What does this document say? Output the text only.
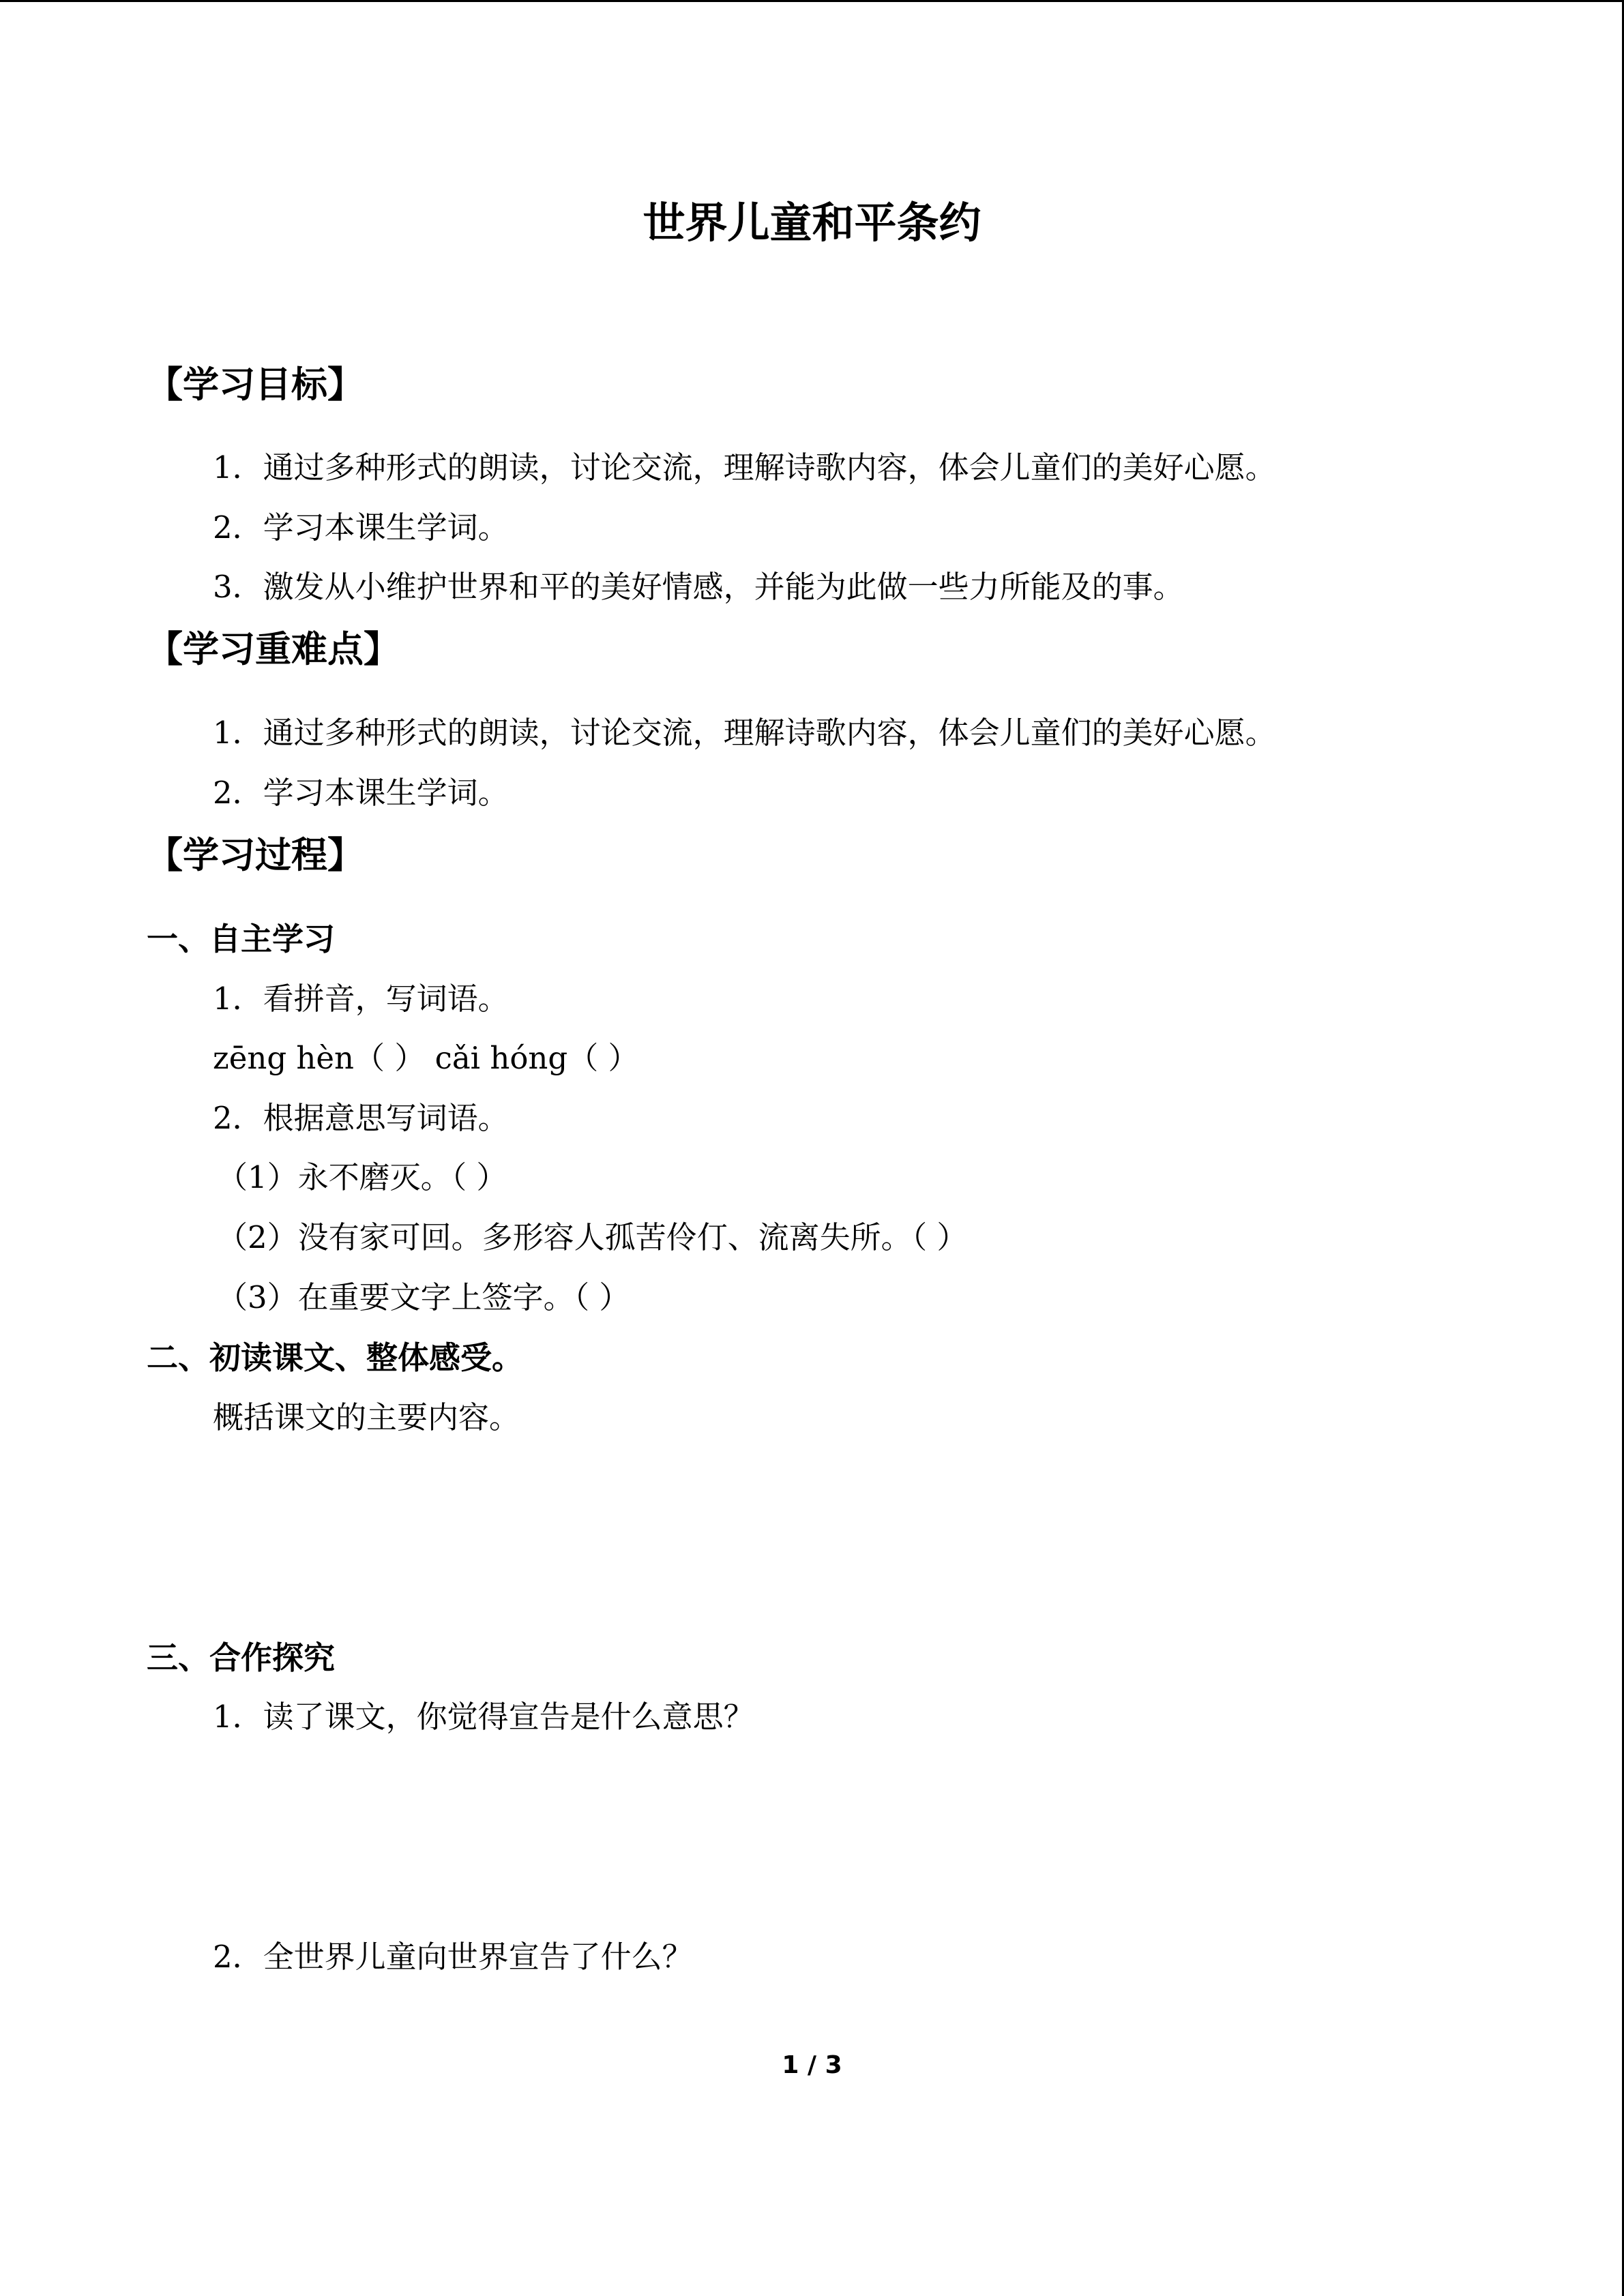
世界儿童和平条约
【学习目标】
1．通过多种形式的朗读，讨论交流，理解诗歌内容，体会儿童们的美好心愿。
2．学习本课生学词。
3．激发从小维护世界和平的美好情感，并能为此做一些力所能及的事。
【学习重难点】
1．通过多种形式的朗读，讨论交流，理解诗歌内容，体会儿童们的美好心愿。
2．学习本课生学词。
【学习过程】
一、自主学习
1．看拼音，写词语。
zēng hèn（ ） cǎi hóng（ ）
2．根据意思写词语。
（1）永不磨灭。（ ）
（2）没有家可回。多形容人孤苦伶仃、流离失所。（ ）
（3）在重要文字上签字。（ ）
二、初读课文、整体感受。
概括课文的主要内容。
三、合作探究
1．读了课文，你觉得宣告是什么意思？
2．全世界儿童向世界宣告了什么？
1 / 3
